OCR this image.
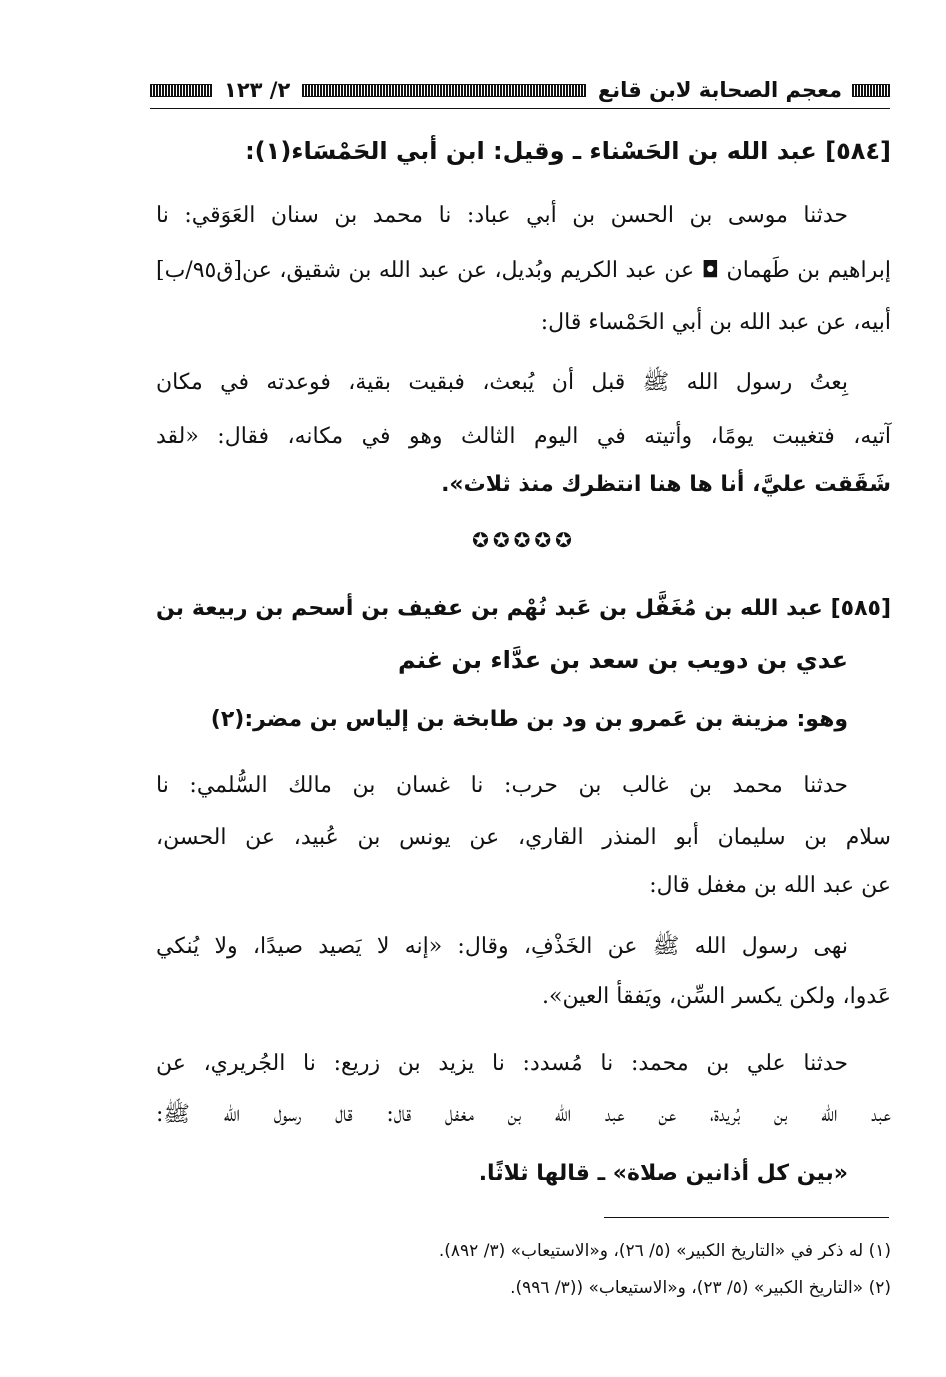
معجم الصحابة لابن قانع
٢/ ١٢٣
[٥٨٤] عبد الله بن الحَسْناء ـ وقيل: ابن أبي الحَمْسَاء(١):
حدثنا موسى بن الحسن بن أبي عباد: نا محمد بن سنان العَوَقي: نا
إبراهيم بن طَهمان ◘ عن عبد الكريم وبُديل، عن عبد الله بن شقيق، عن[ق٩٥/ب]
أبيه، عن عبد الله بن أبي الحَمْساء قال:
بِعتُ رسول الله ﷺ قبل أن يُبعث، فبقيت بقية، فوعدته في مكان
آتيه، فتغيبت يومًا، وأتيته في اليوم الثالث وهو في مكانه، فقال: «لقد
شَقَقت عليَّ، أنا ها هنا انتظرك منذ ثلاث».
✪✪✪✪✪
[٥٨٥] عبد الله بن مُغَفَّل بن عَبد نُهْم بن عفيف بن أسحم بن ربيعة بن
عدي بن دويب بن سعد بن عدَّاء بن غنم
وهو: مزينة بن عَمرو بن ود بن طابخة بن إلياس بن مضر:(٢)
حدثنا محمد بن غالب بن حرب: نا غسان بن مالك السُّلمي: نا
سلام بن سليمان أبو المنذر القاري، عن يونس بن عُبيد، عن الحسن،
عن عبد الله بن مغفل قال:
نهى رسول الله ﷺ عن الخَذْفِ، وقال: «إنه لا يَصيد صيدًا، ولا يُنكي
عَدوا، ولكن يكسر السِّن، ويَفقأ العين».
حدثنا علي بن محمد: نا مُسدد: نا يزيد بن زريع: نا الجُريري، عن
عبد الله بن بُريدة، عن عبد الله بن مغفل قال: قال رسول الله ﷺ:
«بين كل أذانين صلاة» ـ قالها ثلاثًا.
(١) له ذكر في «التاريخ الكبير» (٥/ ٢٦)، و«الاستيعاب» (٣/ ٨٩٢).
(٢) «التاريخ الكبير» (٥/ ٢٣)، و«الاستيعاب» ((٣/ ٩٩٦).
